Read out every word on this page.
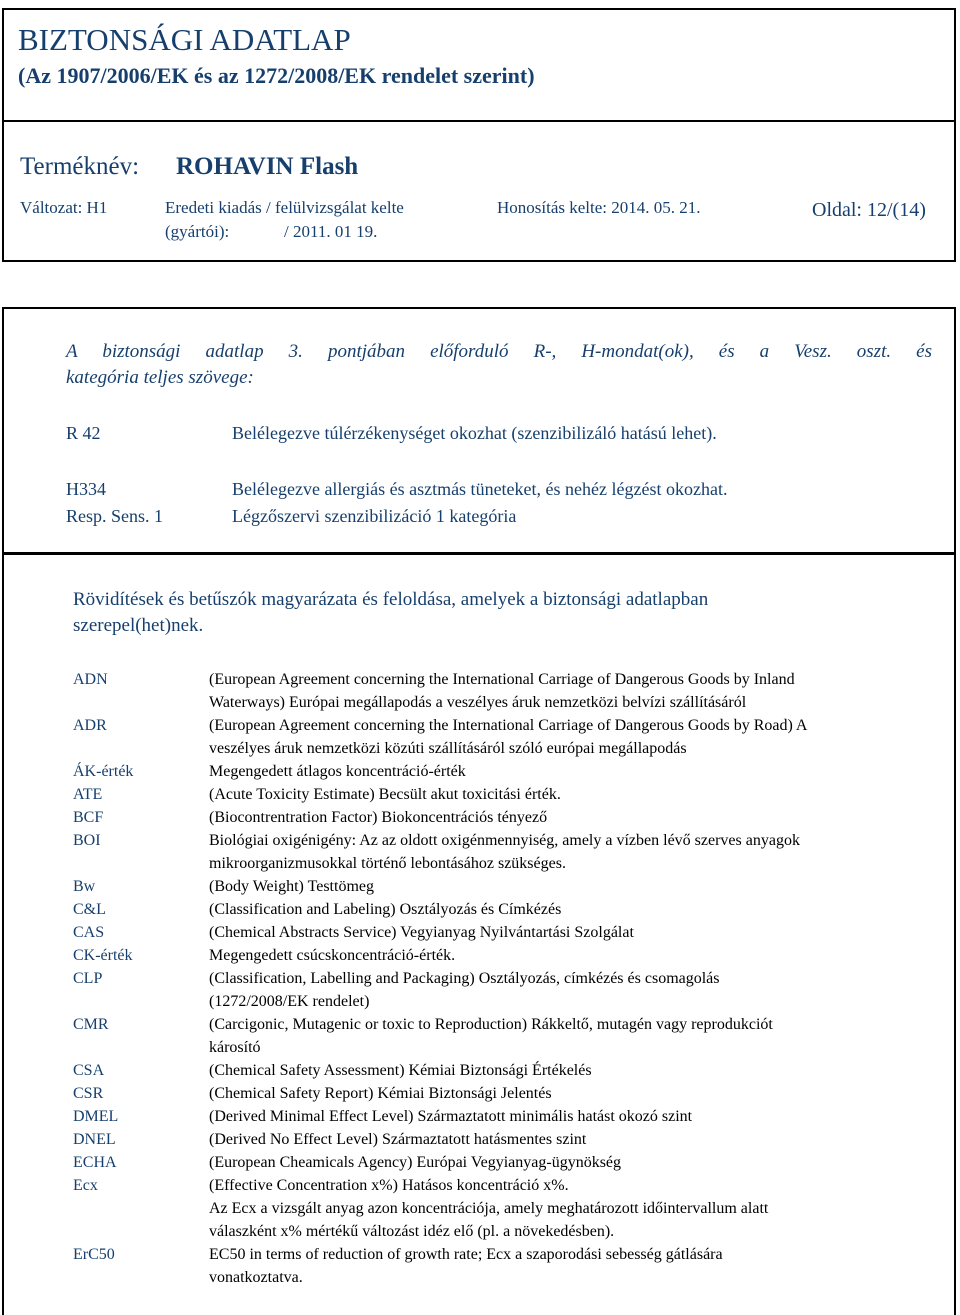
BIZTONSÁGI ADATLAP
(Az 1907/2006/EK és az 1272/2008/EK rendelet szerint)
Terméknév: ROHAVIN Flash
Változat: H1	Eredeti kiadás / felülvizsgálat kelte
(gyártói):	/ 2011. 01 19.
Honosítás kelte: 2014. 05. 21.	Oldal: 12/(14)
A biztonsági adatlap 3. pontjában előforduló R-, H-mondat(ok), és a Vesz. oszt. és
kategória teljes szövege:
R 42	Belélegezve túlérzékenységet okozhat (szenzibilizáló hatású lehet).
H334	Belélegezve allergiás és asztmás tüneteket, és nehéz légzést okozhat.
Resp. Sens. 1	Légzőszervi szenzibilizáció 1 kategória
Rövidítések és betűszók magyarázata és feloldása, amelyek a biztonsági adatlapban
szerepel(het)nek.
ADN	(European Agreement concerning the International Carriage of Dangerous Goods by Inland
Waterways) Európai megállapodás a veszélyes áruk nemzetközi belvízi szállításáról
ADR	(European Agreement concerning the International Carriage of Dangerous Goods by Road) A
veszélyes áruk nemzetközi közúti szállításáról szóló európai megállapodás
ÁK-érték	Megengedett átlagos koncentráció-érték
ATE	(Acute Toxicity Estimate) Becsült akut toxicitási érték.
BCF	(Biocontrentration Factor) Biokoncentrációs tényező
BOI	Biológiai oxigénigény: Az az oldott oxigénmennyiség, amely a vízben lévő szerves anyagok
mikroorganizmusokkal történő lebontásához szükséges.
Bw	(Body Weight) Testtömeg
C&L	(Classification and Labeling) Osztályozás és Címkézés
CAS	(Chemical Abstracts Service) Vegyianyag Nyilvántartási Szolgálat
CK-érték	Megengedett csúcskoncentráció-érték.
CLP	(Classification, Labelling and Packaging) Osztályozás, címkézés és csomagolás
(1272/2008/EK rendelet)
CMR	(Carcigonic, Mutagenic or toxic to Reproduction) Rákkeltő, mutagén vagy reprodukciót
károsító
CSA	(Chemical Safety Assessment) Kémiai Biztonsági Értékelés
CSR	(Chemical Safety Report) Kémiai Biztonsági Jelentés
DMEL	(Derived Minimal Effect Level) Származtatott minimális hatást okozó szint
DNEL	(Derived No Effect Level) Származtatott hatásmentes szint
ECHA	(European Cheamicals Agency) Európai Vegyianyag-ügynökség
Ecx	(Effective Concentration x%) Hatásos koncentráció x%.
Az Ecx a vizsgált anyag azon koncentrációja, amely meghatározott időintervallum alatt
válaszként x% mértékű változást idéz elő (pl. a növekedésben).
ErC50	EC50 in terms of reduction of growth rate; Ecx a szaporodási sebesség gátlására
vonatkoztatva.
